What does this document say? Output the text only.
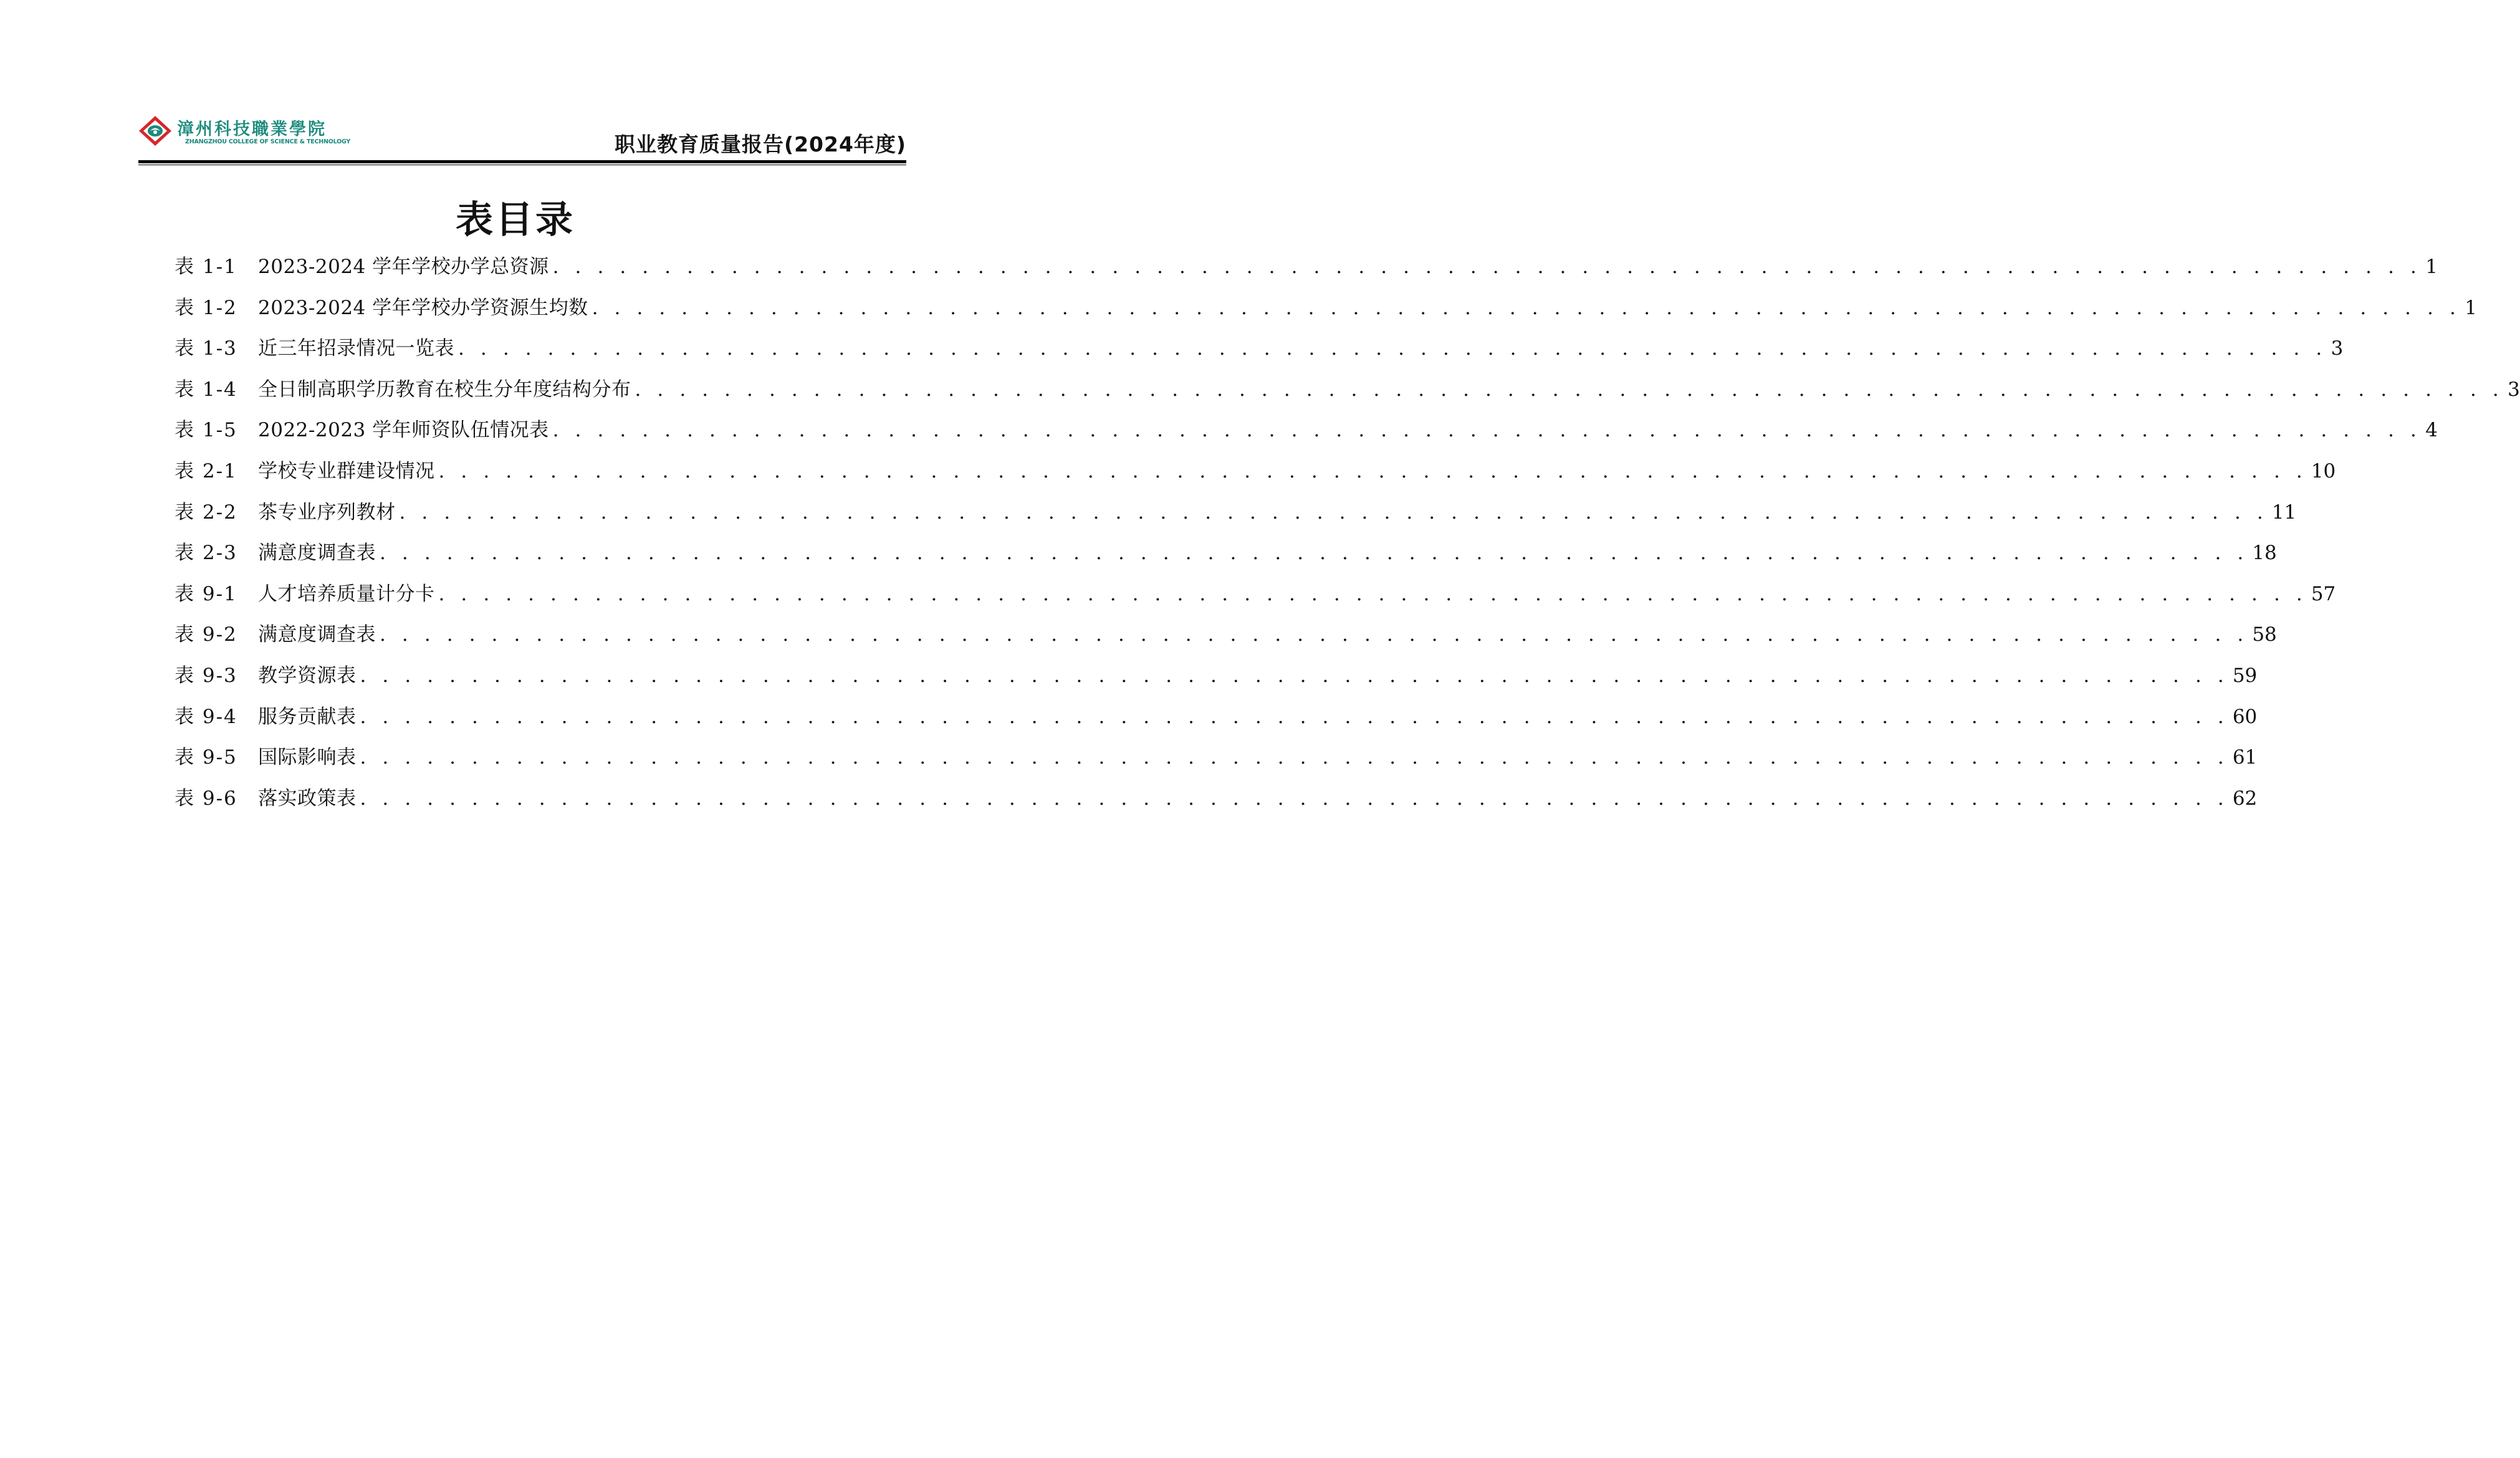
漳州科技職業學院
ZHANGZHOU COLLEGE OF SCIENCE & TECHNOLOGY	职业教育质量报告(2024年度)
表目录
表 1-1	2023-2024 学年学校办学总资源 . . . . . . . . . . . . . . . . . . . . . . . . . . . . . . . . . . . . . . . . . . . . . . . . . . . . . . . . . . . . . . . . . . . . . . . . . . . . . . . . . . . . 1
表 1-2	2023-2024 学年学校办学资源生均数 . . . . . . . . . . . . . . . . . . . . . . . . . . . . . . . . . . . . . . . . . . . . . . . . . . . . . . . . . . . . . . . . . . . . . . . . . . . . . . . . . . . . 1
表 1-3	近三年招录情况一览表 . . . . . . . . . . . . . . . . . . . . . . . . . . . . . . . . . . . . . . . . . . . . . . . . . . . . . . . . . . . . . . . . . . . . . . . . . . . . . . . . . . . . 3
表 1-4	全日制高职学历教育在校生分年度结构分布 . . . . . . . . . . . . . . . . . . . . . . . . . . . . . . . . . . . . . . . . . . . . . . . . . . . . . . . . . . . . . . . . . . . . . . . . . . . . . . . . . . . . 3
表 1-5	2022-2023 学年师资队伍情况表 . . . . . . . . . . . . . . . . . . . . . . . . . . . . . . . . . . . . . . . . . . . . . . . . . . . . . . . . . . . . . . . . . . . . . . . . . . . . . . . . . . . . 4
表 2-1	学校专业群建设情况 . . . . . . . . . . . . . . . . . . . . . . . . . . . . . . . . . . . . . . . . . . . . . . . . . . . . . . . . . . . . . . . . . . . . . . . . . . . . . . . . . . . . 10
表 2-2	茶专业序列教材 . . . . . . . . . . . . . . . . . . . . . . . . . . . . . . . . . . . . . . . . . . . . . . . . . . . . . . . . . . . . . . . . . . . . . . . . . . . . . . . . . . . . 11
表 2-3	满意度调查表 . . . . . . . . . . . . . . . . . . . . . . . . . . . . . . . . . . . . . . . . . . . . . . . . . . . . . . . . . . . . . . . . . . . . . . . . . . . . . . . . . . . . 18
表 9-1	人才培养质量计分卡 . . . . . . . . . . . . . . . . . . . . . . . . . . . . . . . . . . . . . . . . . . . . . . . . . . . . . . . . . . . . . . . . . . . . . . . . . . . . . . . . . . . . 57
表 9-2	满意度调查表 . . . . . . . . . . . . . . . . . . . . . . . . . . . . . . . . . . . . . . . . . . . . . . . . . . . . . . . . . . . . . . . . . . . . . . . . . . . . . . . . . . . . 58
表 9-3	教学资源表 . . . . . . . . . . . . . . . . . . . . . . . . . . . . . . . . . . . . . . . . . . . . . . . . . . . . . . . . . . . . . . . . . . . . . . . . . . . . . . . . . . . . 59
表 9-4	服务贡献表 . . . . . . . . . . . . . . . . . . . . . . . . . . . . . . . . . . . . . . . . . . . . . . . . . . . . . . . . . . . . . . . . . . . . . . . . . . . . . . . . . . . . 60
表 9-5	国际影响表 . . . . . . . . . . . . . . . . . . . . . . . . . . . . . . . . . . . . . . . . . . . . . . . . . . . . . . . . . . . . . . . . . . . . . . . . . . . . . . . . . . . . 61
表 9-6	落实政策表 . . . . . . . . . . . . . . . . . . . . . . . . . . . . . . . . . . . . . . . . . . . . . . . . . . . . . . . . . . . . . . . . . . . . . . . . . . . . . . . . . . . . 62
